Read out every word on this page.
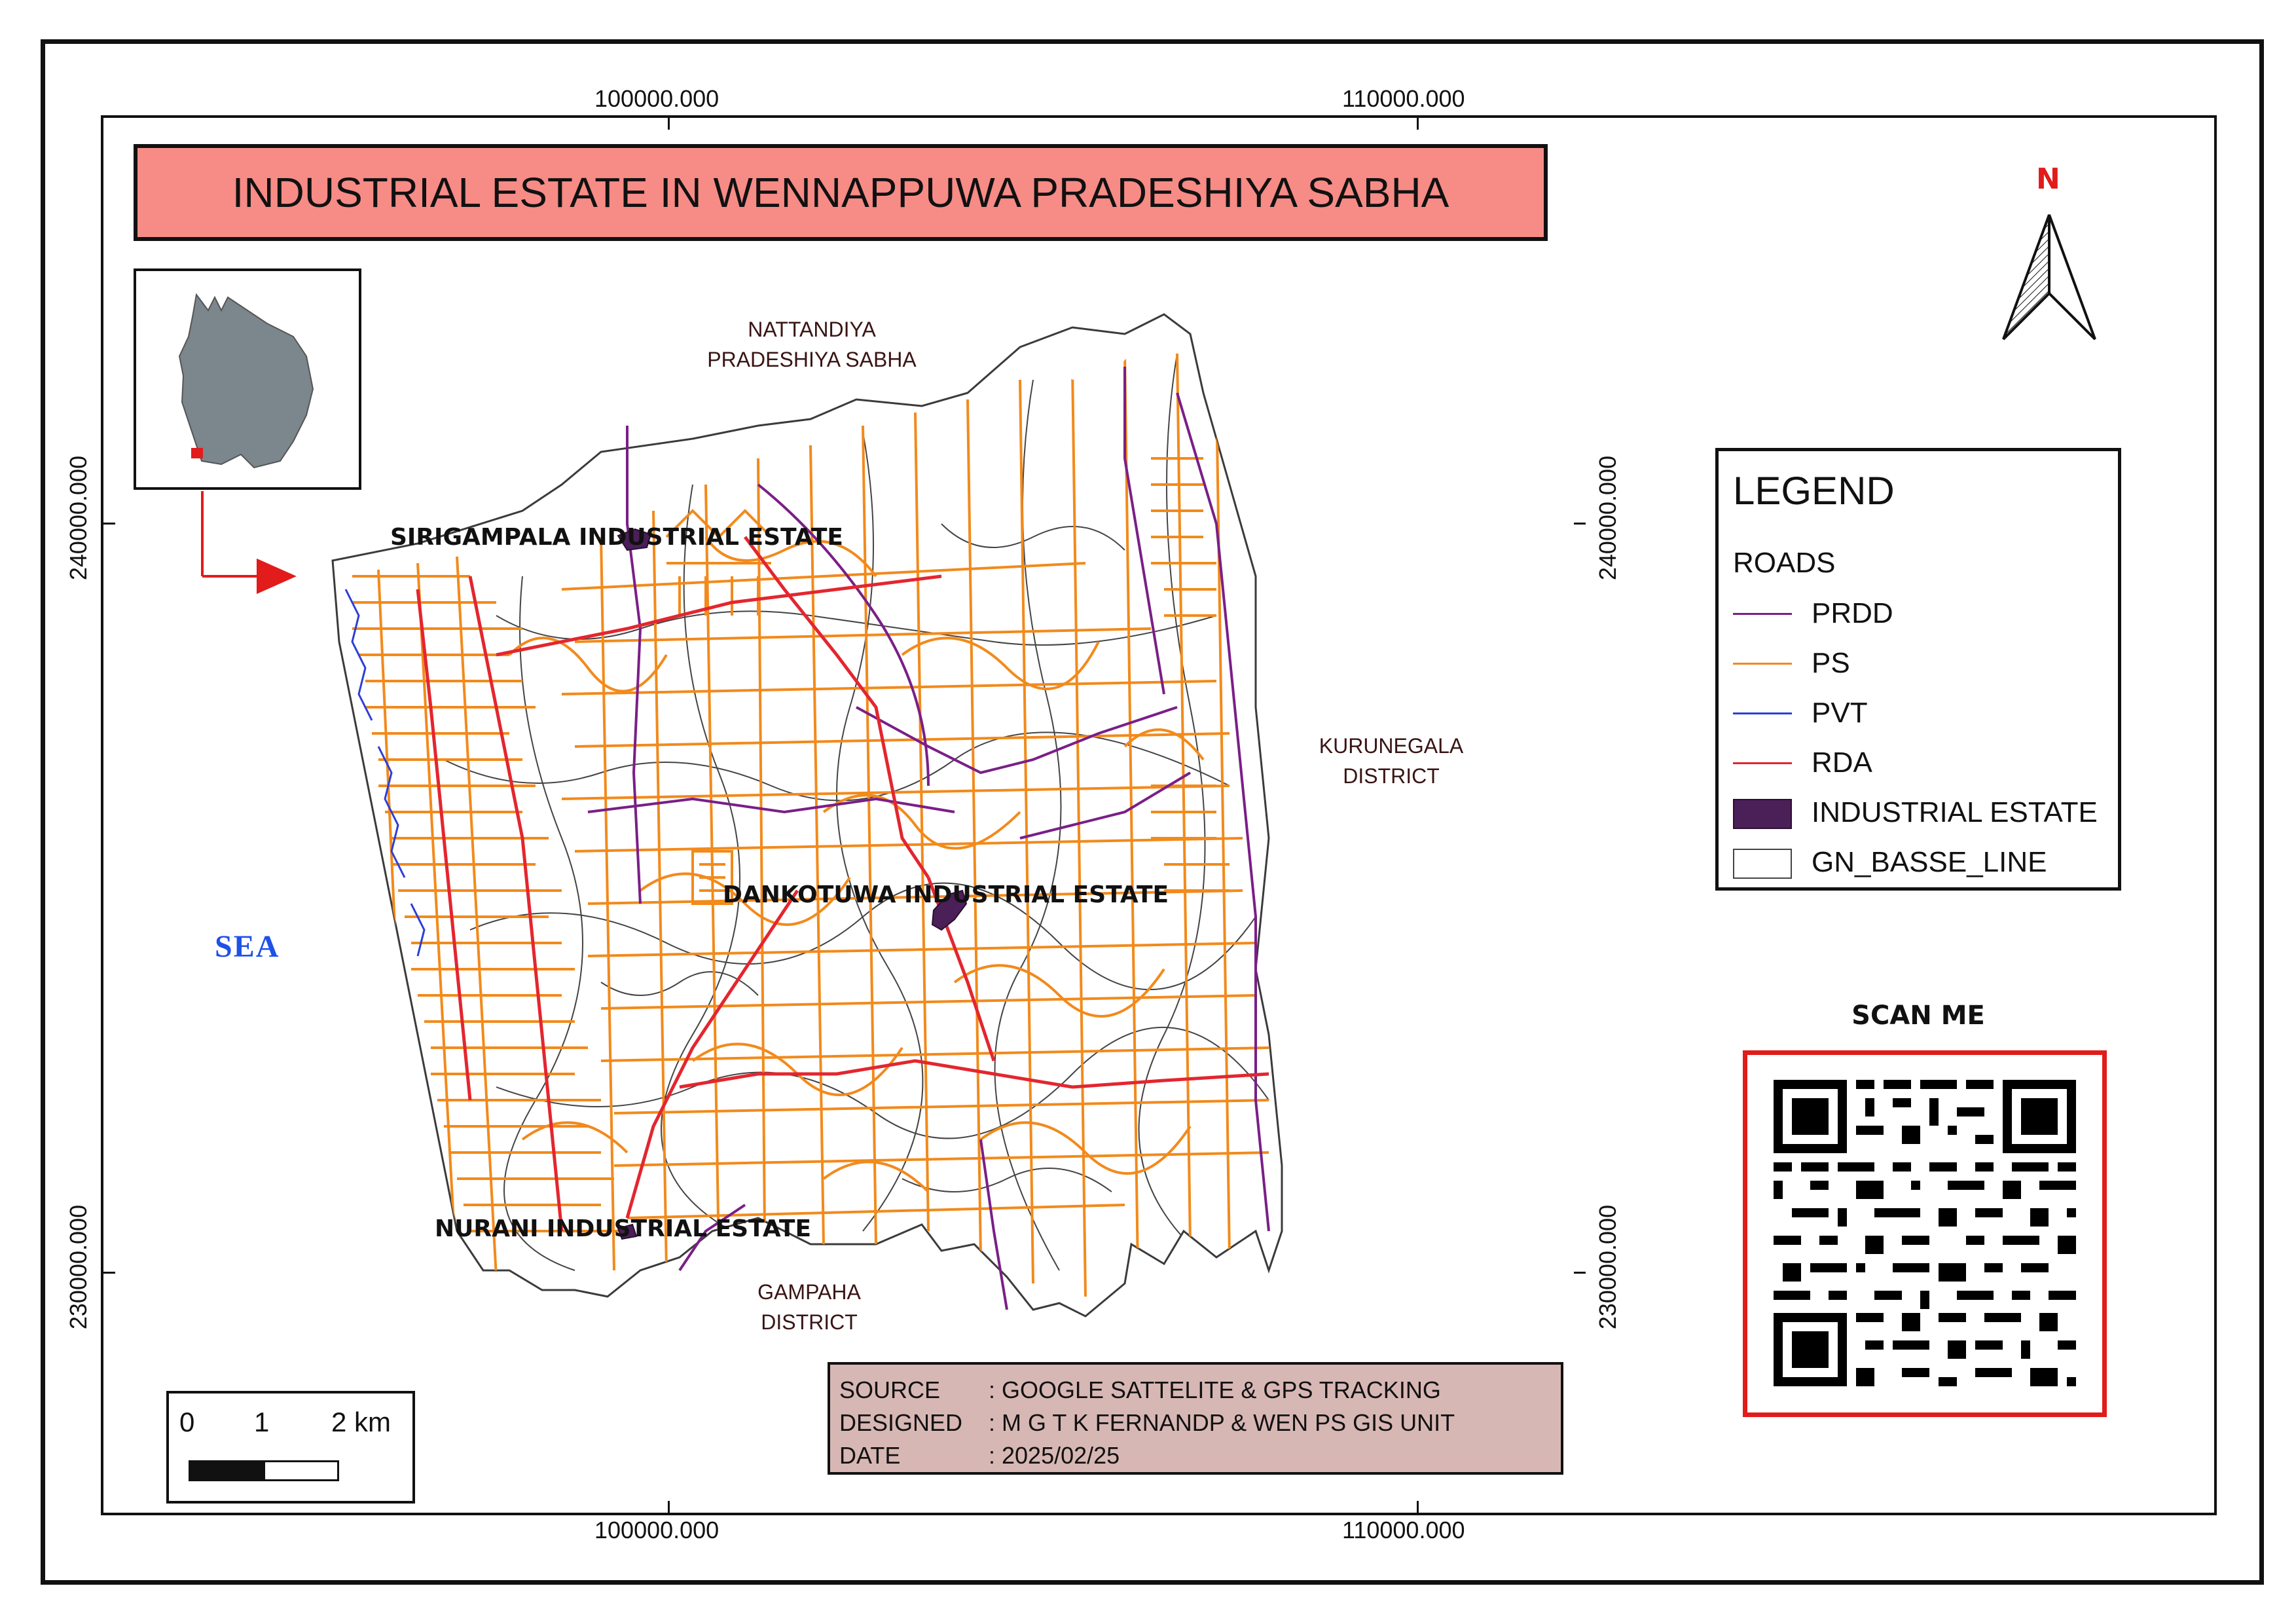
100000.000	110000.000
100000.000	110000.000
240000.000
230000.000
240000.000
230000.000
INDUSTRIAL ESTATE IN WENNAPPUWA PRADESHIYA SABHA
NATTANDIYA
PRADESHIYA SABHA
KURUNEGALA
DISTRICT
GAMPAHA
DISTRICT
SEA
SIRIGAMPALA INDUSTRIAL ESTATE
DANKOTUWA INDUSTRIAL ESTATE
NURANI INDUSTRIAL ESTATE
0 1 2 km
SOURCE	: GOOGLE SATTELITE & GPS TRACKING
DESIGNED	: M G T K FERNANDP & WEN PS GIS UNIT
DATE	: 2025/02/25
N
LEGEND
ROADS
PRDD
PS
PVT
RDA
INDUSTRIAL ESTATE
GN_BASSE_LINE
SCAN ME
